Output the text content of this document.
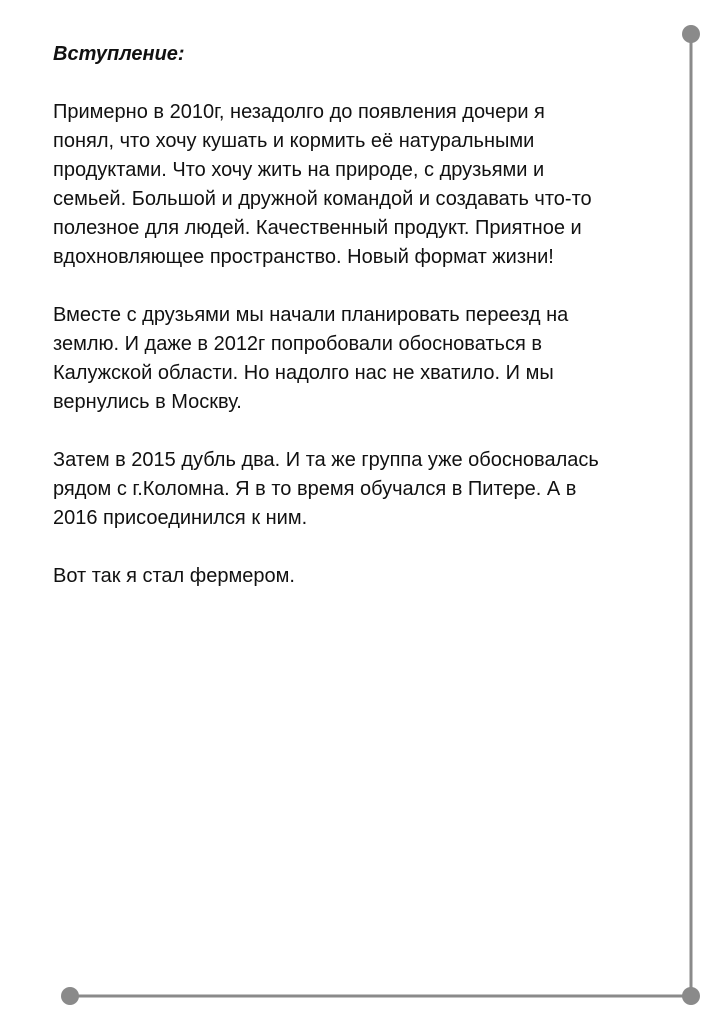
Вступление:
Примерно в 2010г, незадолго до появления дочери я
понял, что хочу кушать и кормить её натуральными
продуктами. Что хочу жить на природе, с друзьями и
семьей. Большой и дружной командой и создавать что-то
полезное для людей. Качественный продукт. Приятное и
вдохновляющее пространство. Новый формат жизни!
Вместе с друзьями мы начали планировать переезд на
землю. И даже в 2012г попробовали обосноваться в
Калужской области. Но надолго нас не хватило. И мы
вернулись в Москву.
Затем в 2015 дубль два. И та же группа уже обосновалась
рядом с г.Коломна. Я в то время обучался в Питере. А в
2016 присоединился к ним.
Вот так я стал фермером.
